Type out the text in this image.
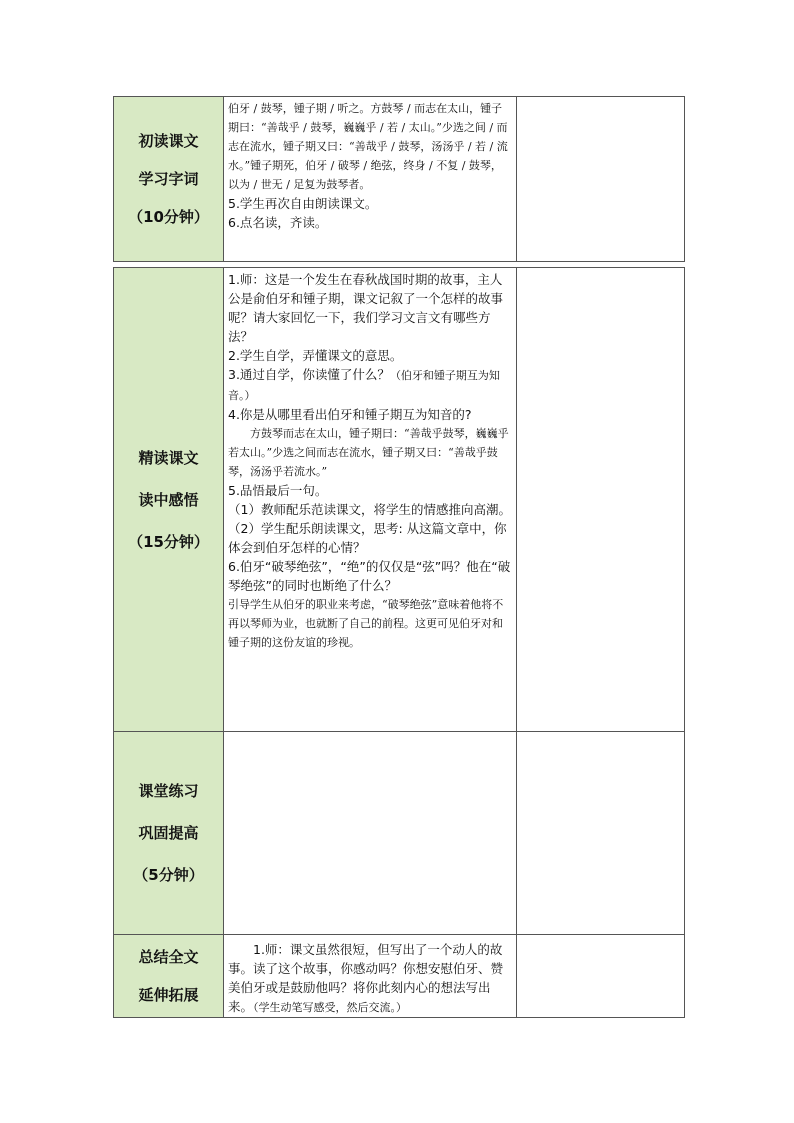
初读课文
学习字词
（10分钟）

伯牙 / 鼓琴，锺子期 / 听之。方鼓琴 / 而志在太山，锺子期曰：“善哉乎 / 鼓琴，巍巍乎 / 若 / 太山。”少选之间 / 而志在流水，锺子期又曰：“善哉乎 / 鼓琴，汤汤乎 / 若 / 流水。”锺子期死，伯牙 / 破琴 / 绝弦，终身 / 不复 / 鼓琴，以为 / 世无 / 足复为鼓琴者。

5.学生再次自由朗读课文。

6.点名读，齐读。

精读课文
读中感悟
（15分钟）

1.师：这是一个发生在春秋战国时期的故事，主人公是俞伯牙和锺子期，课文记叙了一个怎样的故事呢？请大家回忆一下，我们学习文言文有哪些方法？

2.学生自学，弄懂课文的意思。

3.通过自学，你读懂了什么？（伯牙和锺子期互为知音。）

4.你是从哪里看出伯牙和锺子期互为知音的?

方鼓琴而志在太山，锺子期曰：“善哉乎鼓琴，巍巍乎若太山。”少选之间而志在流水，锺子期又曰：“善哉乎鼓琴，汤汤乎若流水。”

5.品悟最后一句。

（1）教师配乐范读课文，将学生的情感推向高潮。

（2）学生配乐朗读课文，思考: 从这篇文章中，你体会到伯牙怎样的心情？

6.伯牙“破琴绝弦”，“绝”的仅仅是“弦”吗？他在“破琴绝弦”的同时也断绝了什么？

引导学生从伯牙的职业来考虑，“破琴绝弦”意味着他将不再以琴师为业，也就断了自己的前程。这更可见伯牙对和锺子期的这份友谊的珍视。

课堂练习
巩固提高
（5分钟）
总结全文
延伸拓展

1.师：课文虽然很短，但写出了一个动人的故事。读了这个故事，你感动吗？你想安慰伯牙、赞美伯牙或是鼓励他吗？将你此刻内心的想法写出来。（学生动笔写感受，然后交流。）
